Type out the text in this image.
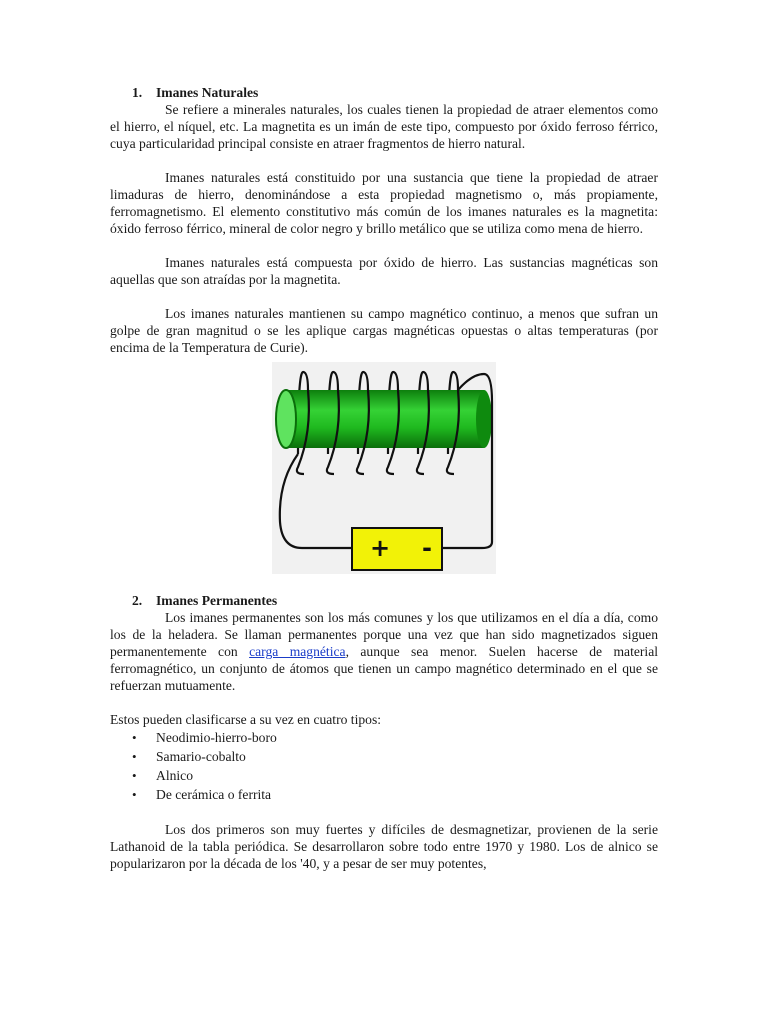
1. Imanes Naturales

Se refiere a minerales naturales, los cuales tienen la propiedad de atraer elementos como el hierro, el níquel, etc. La magnetita es un imán de este tipo, compuesto por óxido ferroso férrico, cuya particularidad principal consiste en atraer fragmentos de hierro natural.

Imanes naturales está constituido por una sustancia que tiene la propiedad de atraer limaduras de hierro, denominándose a esta propiedad magnetismo o, más propiamente, ferromagnetismo. El elemento constitutivo más común de los imanes naturales es la magnetita: óxido ferroso férrico, mineral de color negro y brillo metálico que se utiliza como mena de hierro.

Imanes naturales está compuesta por óxido de hierro. Las sustancias magnéticas son aquellas que son atraídas por la magnetita.

Los imanes naturales mantienen su campo magnético continuo, a menos que sufran un golpe de gran magnitud o se les aplique cargas magnéticas opuestas o altas temperaturas (por encima de la Temperatura de Curie).

+ -
2. Imanes Permanentes

Los imanes permanentes son los más comunes y los que utilizamos en el día a día, como los de la heladera. Se llaman permanentes porque una vez que han sido magnetizados siguen permanentemente con carga magnética, aunque sea menor. Suelen hacerse de material ferromagnético, un conjunto de átomos que tienen un campo magnético determinado en el que se refuerzan mutuamente.

Estos pueden clasificarse a su vez en cuatro tipos:

• Neodimio-hierro-boro
• Samario-cobalto
• Alnico
• De cerámica o ferrita

Los dos primeros son muy fuertes y difíciles de desmagnetizar, provienen de la serie Lathanoid de la tabla periódica. Se desarrollaron sobre todo entre 1970 y 1980. Los de alnico se popularizaron por la década de los '40, y a pesar de ser muy potentes,
